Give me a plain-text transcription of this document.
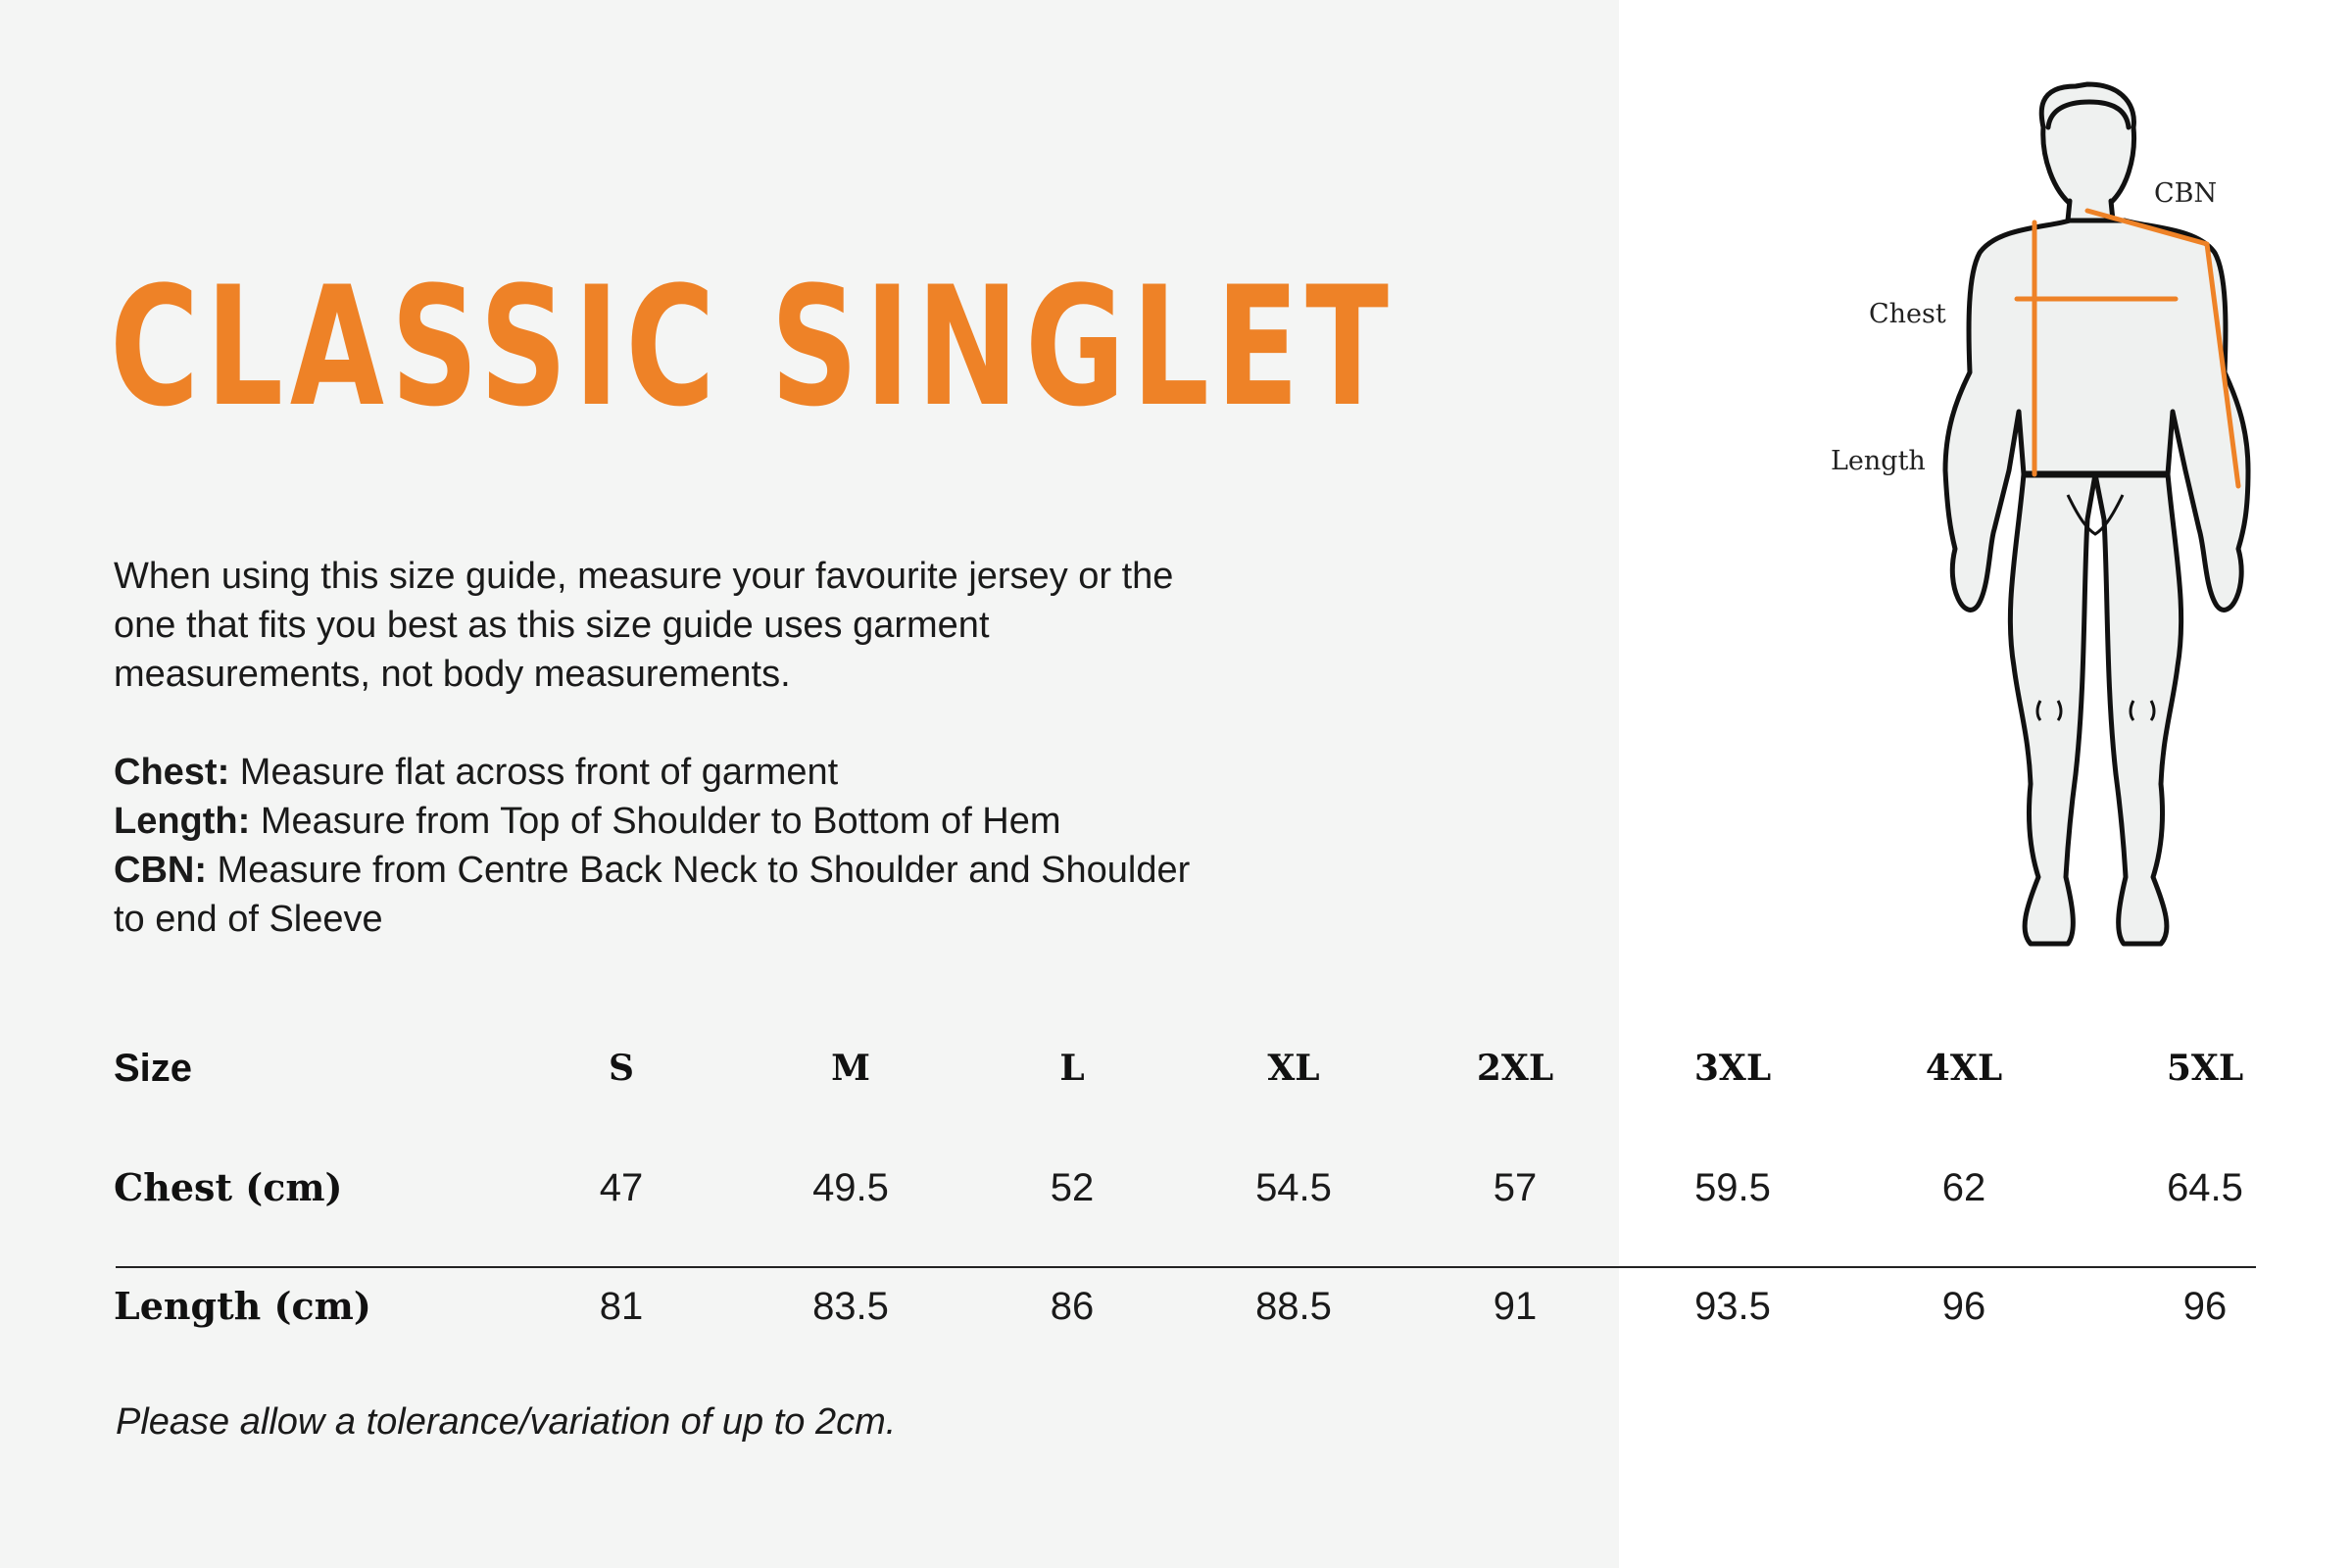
CLASSIC SINGLET

When using this size guide, measure your favourite jersey or the one that fits you best as this size guide uses garment measurements, not body measurements.

Chest: Measure flat across front of garment

Length: Measure from Top of Shoulder to Bottom of Hem

CBN: Measure from Centre Back Neck to Shoulder and Shoulder to end of Sleeve

Size	S	M	L	XL	2XL	3XL	4XL	5XL
Chest (cm)	47	49.5	52	54.5	57	59.5	62	64.5
Length (cm)	81	83.5	86	88.5	91	93.5	96	96

Please allow a tolerance/variation of up to 2cm.

CBN
Chest
Length
